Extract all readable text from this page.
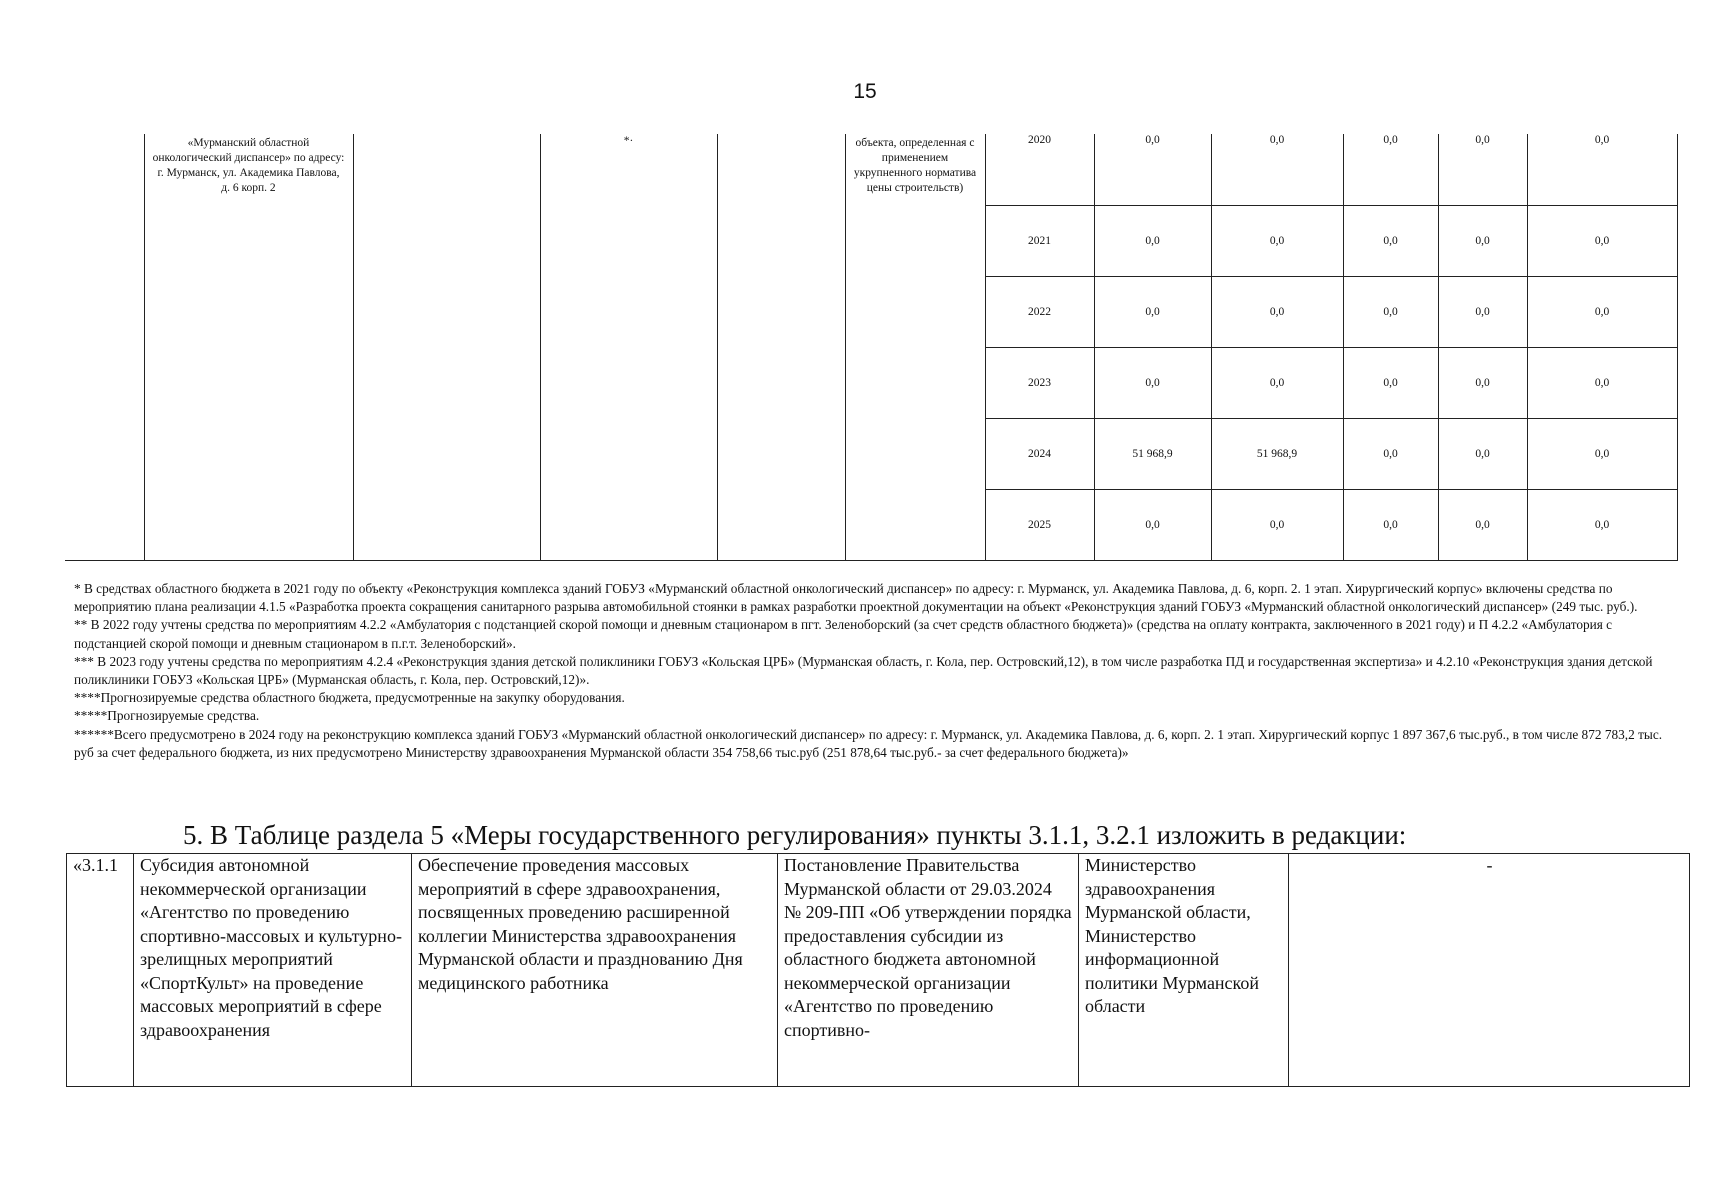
15

	«Мурманский областной онкологический диспансер» по адресу: г. Мурманск, ул. Академика Павлова, д. 6 корп. 2		*·		объекта, определенная с применением укрупненного норматива цены строительств)	2020	0,0	0,0	0,0	0,0	0,0
						2021	0,0	0,0	0,0	0,0	0,0
						2022	0,0	0,0	0,0	0,0	0,0
						2023	0,0	0,0	0,0	0,0	0,0
						2024	51 968,9	51 968,9	0,0	0,0	0,0
						2025	0,0	0,0	0,0	0,0	0,0

* В средствах областного бюджета в 2021 году по объекту «Реконструкция комплекса зданий ГОБУЗ «Мурманский областной онкологический диспансер» по адресу: г. Мурманск, ул. Академика Павлова, д. 6, корп. 2. 1 этап. Хирургический корпус» включены средства по мероприятию плана реализации 4.1.5 «Разработка проекта сокращения санитарного разрыва автомобильной стоянки в рамках разработки проектной документации на объект «Реконструкция зданий ГОБУЗ «Мурманский областной онкологический диспансер» (249 тыс. руб.).

** В 2022 году учтены средства по мероприятиям 4.2.2 «Амбулатория с подстанцией скорой помощи и дневным стационаром в пгт. Зеленоборский (за счет средств областного бюджета)» (средства на оплату контракта, заключенного в 2021 году) и П 4.2.2 «Амбулатория с подстанцией скорой помощи и дневным стационаром в п.г.т. Зеленоборский».

*** В 2023 году учтены средства по мероприятиям 4.2.4 «Реконструкция здания детской поликлиники ГОБУЗ «Кольская ЦРБ» (Мурманская область, г. Кола, пер. Островский,12), в том числе разработка ПД и государственная экспертиза» и 4.2.10 «Реконструкция здания детской поликлиники ГОБУЗ «Кольская ЦРБ» (Мурманская область, г. Кола, пер. Островский,12)».

****Прогнозируемые средства областного бюджета, предусмотренные на закупку оборудования.

*****Прогнозируемые средства.

******Всего предусмотрено в 2024 году на реконструкцию комплекса зданий ГОБУЗ «Мурманский областной онкологический диспансер» по адресу: г. Мурманск, ул. Академика Павлова, д. 6, корп. 2. 1 этап. Хирургический корпус 1 897 367,6 тыс.руб., в том числе 872 783,2 тыс. руб за счет федерального бюджета, из них предусмотрено Министерству здравоохранения Мурманской области 354 758,66 тыс.руб (251 878,64 тыс.руб.- за счет федерального бюджета)»

5. В Таблице раздела 5 «Меры государственного регулирования» пункты 3.1.1, 3.2.1 изложить в редакции:
«3.1.1	Субсидия автономной некоммерческой организации «Агентство по проведению спортивно-массовых и культурно-зрелищных мероприятий «СпортКульт» на проведение массовых мероприятий в сфере здравоохранения	Обеспечение проведения массовых мероприятий в сфере здравоохранения, посвященных проведению расширенной коллегии Министерства здравоохранения Мурманской области и празднованию Дня медицинского работника	Постановление Правительства Мурманской области от 29.03.2024 № 209-ПП «Об утверждении порядка предоставления субсидии из областного бюджета автономной некоммерческой организации «Агентство по проведению спортивно-	Министерство здравоохранения Мурманской области, Министерство информационной политики Мурманской области	-
